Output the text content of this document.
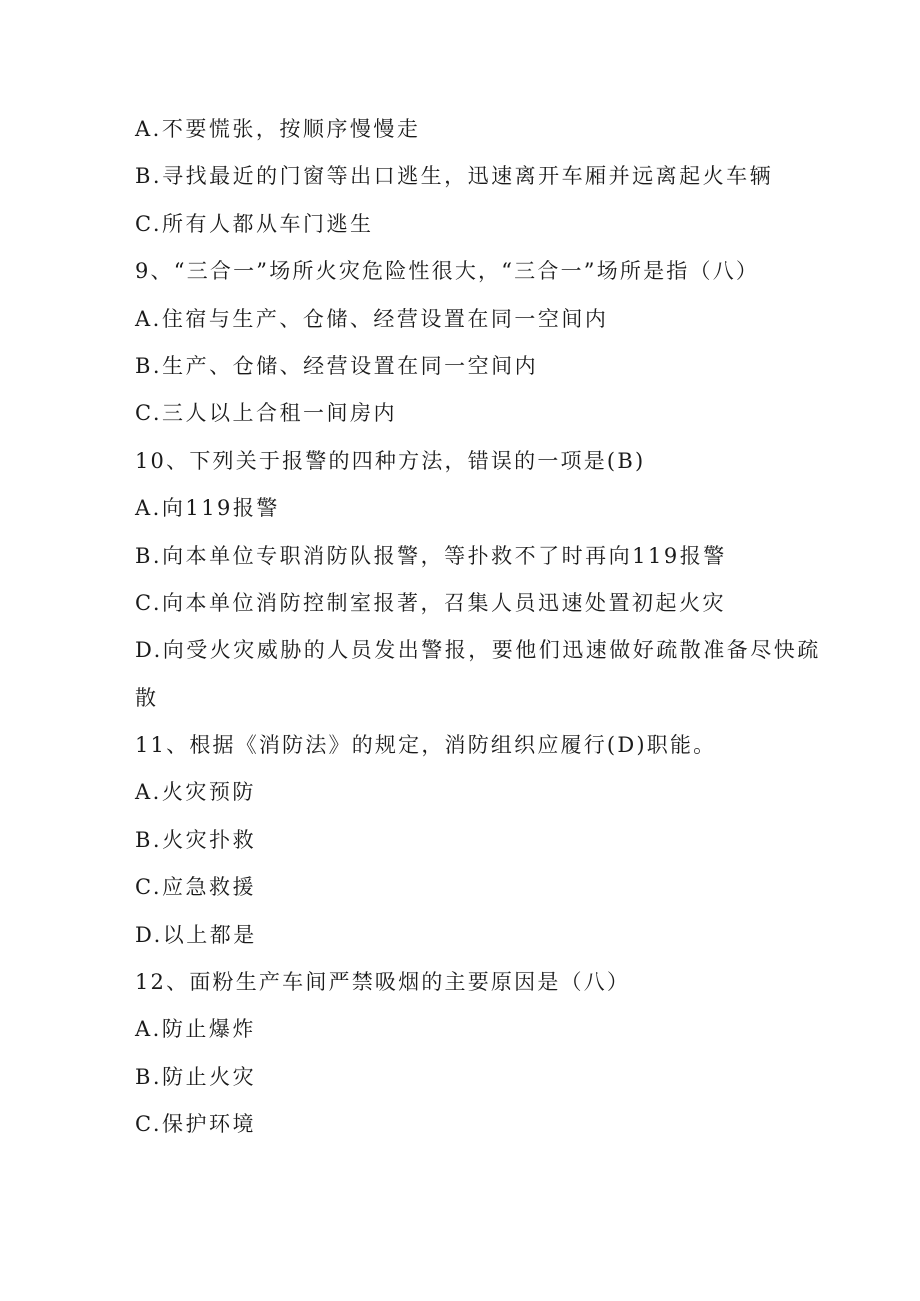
A.不要慌张，按顺序慢慢走
B.寻找最近的门窗等出口逃生，迅速离开车厢并远离起火车辆
C.所有人都从车门逃生
9、“三合一”场所火灾危险性很大，“三合一”场所是指（八）
A.住宿与生产、仓储、经营设置在同一空间内
B.生产、仓储、经营设置在同一空间内
C.三人以上合租一间房内
10、下列关于报警的四种方法，错误的一项是(B)
A.向119报警
B.向本单位专职消防队报警，等扑救不了时再向119报警
C.向本单位消防控制室报著，召集人员迅速处置初起火灾
D.向受火灾威胁的人员发出警报，要他们迅速做好疏散准备尽快疏
散
11、根据《消防法》的规定，消防组织应履行(D)职能。
A.火灾预防
B.火灾扑救
C.应急救援
D.以上都是
12、面粉生产车间严禁吸烟的主要原因是（八）
A.防止爆炸
B.防止火灾
C.保护环境
